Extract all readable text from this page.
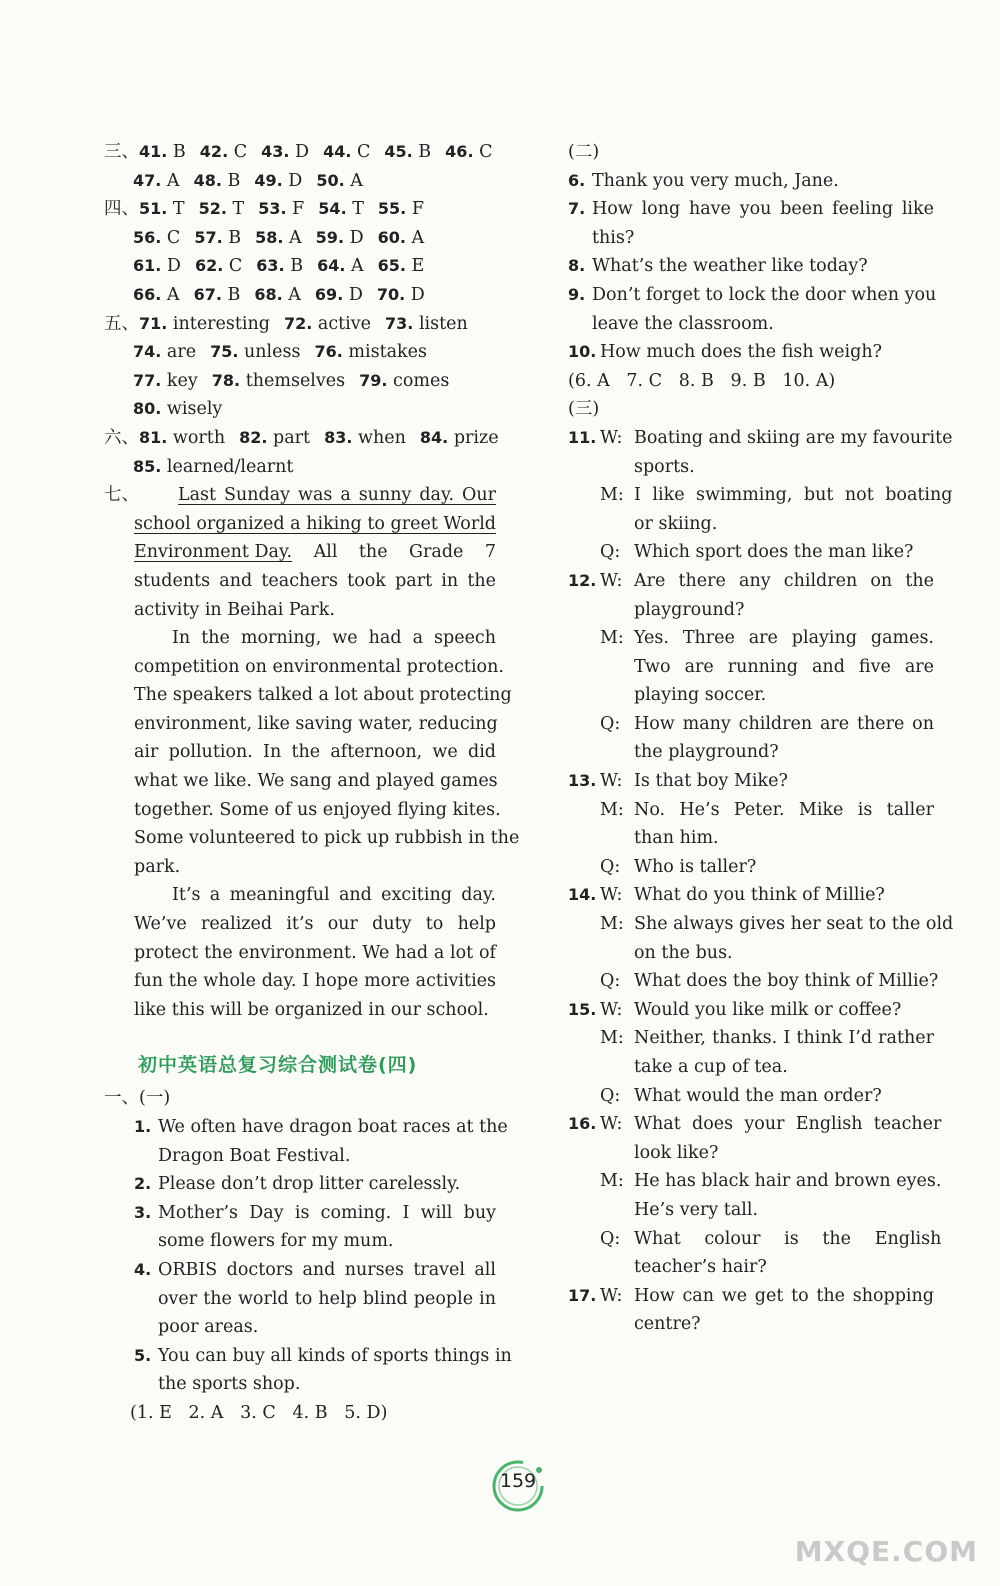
三、41. B 42. C 43. D 44. C 45. B 46. C
47. A 48. B 49. D 50. A
四、51. T 52. T 53. F 54. T 55. F
56. C 57. B 58. A 59. D 60. A
61. D 62. C 63. B 64. A 65. E
66. A 67. B 68. A 69. D 70. D
五、71. interesting 72. active 73. listen
74. are 75. unless 76. mistakes
77. key 78. themselves 79. comes
80. wisely
六、81. worth 82. part 83. when 84. prize
85. learned/learnt
七、	Last Sunday was a sunny day. Our
school organized a hiking to greet World
Environment Day. All the Grade 7
students and teachers took part in the
activity in Beihai Park.
In the morning, we had a speech
competition on environmental protection.
The speakers talked a lot about protecting
environment, like saving water, reducing
air pollution. In the afternoon, we did
what we like. We sang and played games
together. Some of us enjoyed flying kites.
Some volunteered to pick up rubbish in the
park.
It’s a meaningful and exciting day.
We’ve realized it’s our duty to help
protect the environment. We had a lot of
fun the whole day. I hope more activities
like this will be organized in our school.
初中英语总复习综合测试卷(四)
一、(一)
1. We often have dragon boat races at the
Dragon Boat Festival.
2. Please don’t drop litter carelessly.
3. Mother’s Day is coming. I will buy
some flowers for my mum.
4. ORBIS doctors and nurses travel all
over the world to help blind people in
poor areas.
5. You can buy all kinds of sports things in
the sports shop.
(1. E   2. A   3. C   4. B   5. D)
(二)
6. Thank you very much, Jane.
7. How long have you been feeling like
this?
8. What’s the weather like today?
9. Don’t forget to lock the door when you
leave the classroom.
10. How much does the fish weigh?
(6. A   7. C   8. B   9. B   10. A)
(三)
11. W: Boating and skiing are my favourite
sports.
M: I like swimming, but not boating
or skiing.
Q: Which sport does the man like?
12. W: Are there any children on the
playground?
M: Yes. Three are playing games.
Two are running and five are
playing soccer.
Q: How many children are there on
the playground?
13. W: Is that boy Mike?
M: No. He’s Peter. Mike is taller
than him.
Q: Who is taller?
14. W: What do you think of Millie?
M: She always gives her seat to the old
on the bus.
Q: What does the boy think of Millie?
15. W: Would you like milk or coffee?
M: Neither, thanks. I think I’d rather
take a cup of tea.
Q: What would the man order?
16. W: What does your English teacher
look like?
M: He has black hair and brown eyes.
He’s very tall.
Q: What colour is the English
teacher’s hair?
17. W: How can we get to the shopping
centre?
159
MXQE.COM
